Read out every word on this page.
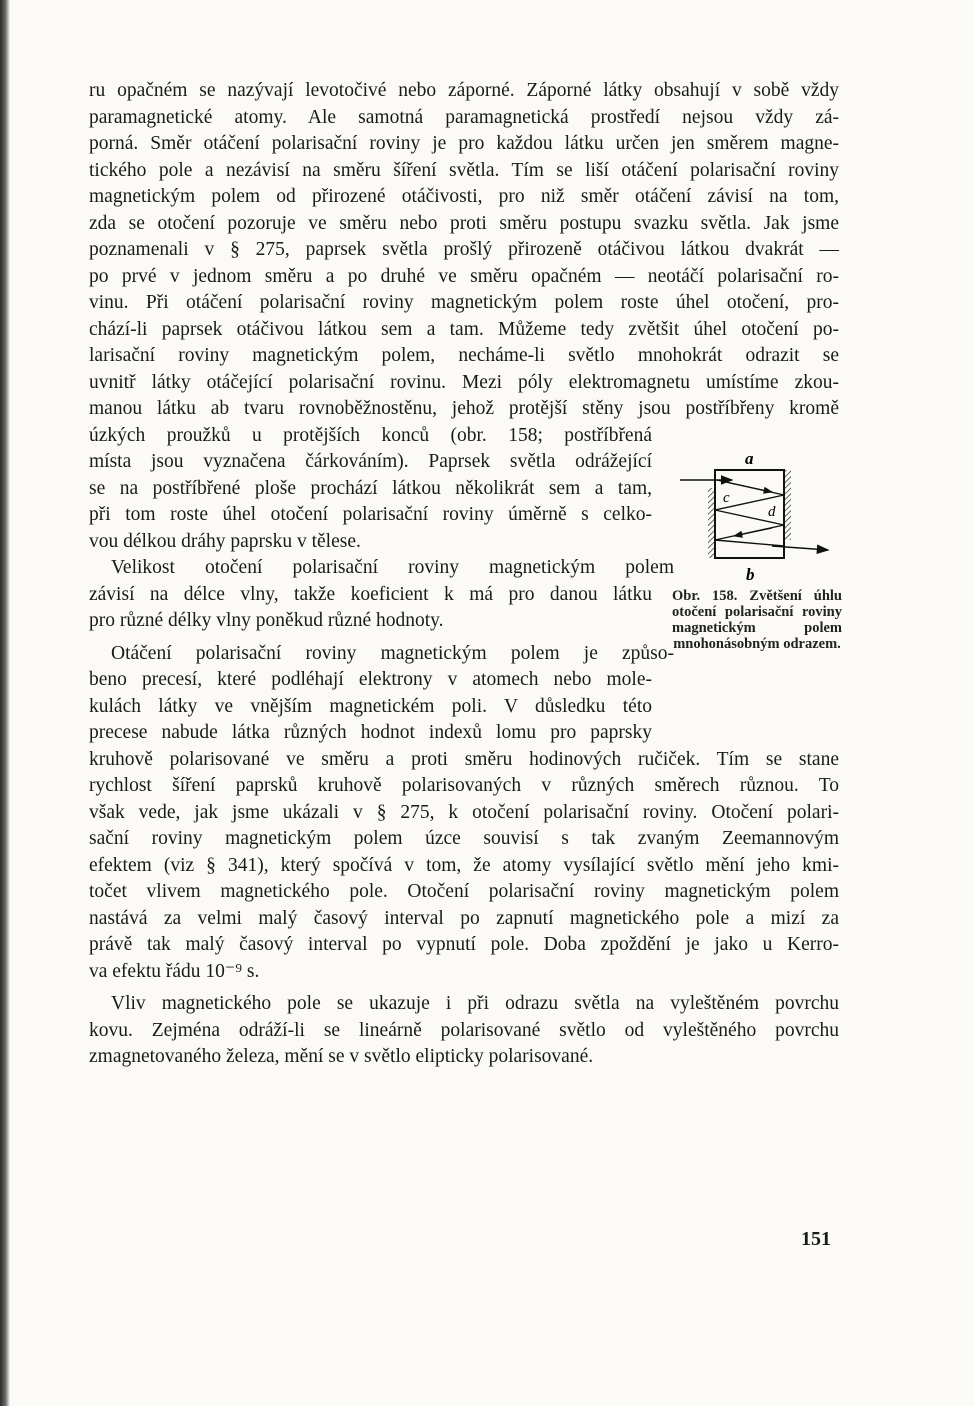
ru opačném se nazývají levotočivé nebo záporné. Záporné látky obsahují v sobě vždy
paramagnetické atomy. Ale samotná paramagnetická prostředí nejsou vždy zá-
porná. Směr otáčení polarisační roviny je pro každou látku určen jen směrem magne-
tického pole a nezávisí na směru šíření světla. Tím se liší otáčení polarisační roviny
magnetickým polem od přirozené otáčivosti, pro niž směr otáčení závisí na tom,
zda se otočení pozoruje ve směru nebo proti směru postupu svazku světla. Jak jsme
poznamenali v § 275, paprsek světla prošlý přirozeně otáčivou látkou dvakrát —
po prvé v jednom směru a po druhé ve směru opačném — neotáčí polarisační ro-
vinu. Při otáčení polarisační roviny magnetickým polem roste úhel otočení, pro-
chází-li paprsek otáčivou látkou sem a tam. Můžeme tedy zvětšit úhel otočení po-
larisační roviny magnetickým polem, necháme-li světlo mnohokrát odrazit se
uvnitř látky otáčející polarisační rovinu. Mezi póly elektromagnetu umístíme zkou-
manou látku ab tvaru rovnoběžnostěnu, jehož protější stěny jsou postříbřeny kromě
úzkých proužků u protějších konců (obr. 158; postříbřená
místa jsou vyznačena čárkováním). Paprsek světla odrážející
se na postříbřené ploše prochází látkou několikrát sem a tam,
při tom roste úhel otočení polarisační roviny úměrně s celko-
vou délkou dráhy paprsku v tělese.
Velikost otočení polarisační roviny magnetickým polem
závisí na délce vlny, takže koeficient k má pro danou látku
pro různé délky vlny poněkud různé hodnoty.
Otáčení polarisační roviny magnetickým polem je způso-
beno precesí, které podléhají elektrony v atomech nebo mole-
kulách látky ve vnějším magnetickém poli. V důsledku této
precese nabude látka různých hodnot indexů lomu pro paprsky
kruhově polarisované ve směru a proti směru hodinových ručiček. Tím se stane
rychlost šíření paprsků kruhově polarisovaných v různých směrech různou. To
však vede, jak jsme ukázali v § 275, k otočení polarisační roviny. Otočení polari-
sační roviny magnetickým polem úzce souvisí s tak zvaným Zeemannovým
efektem (viz § 341), který spočívá v tom, že atomy vysílající světlo mění jeho kmi-
točet vlivem magnetického pole. Otočení polarisační roviny magnetickým polem
nastává za velmi malý časový interval po zapnutí magnetického pole a mizí za
právě tak malý časový interval po vypnutí pole. Doba zpoždění je jako u Kerro-
va efektu řádu 10⁻⁹ s.
Vliv magnetického pole se ukazuje i při odrazu světla na vyleštěném povrchu
kovu. Zejména odráží-li se lineárně polarisované světlo od vyleštěného povrchu
zmagnetovaného železa, mění se v světlo elipticky polarisované.
a
c
d
b
Obr. 158. Zvětšení úhlu otočení polarisační roviny magnetickým polem mnohonásobným odrazem.
151
